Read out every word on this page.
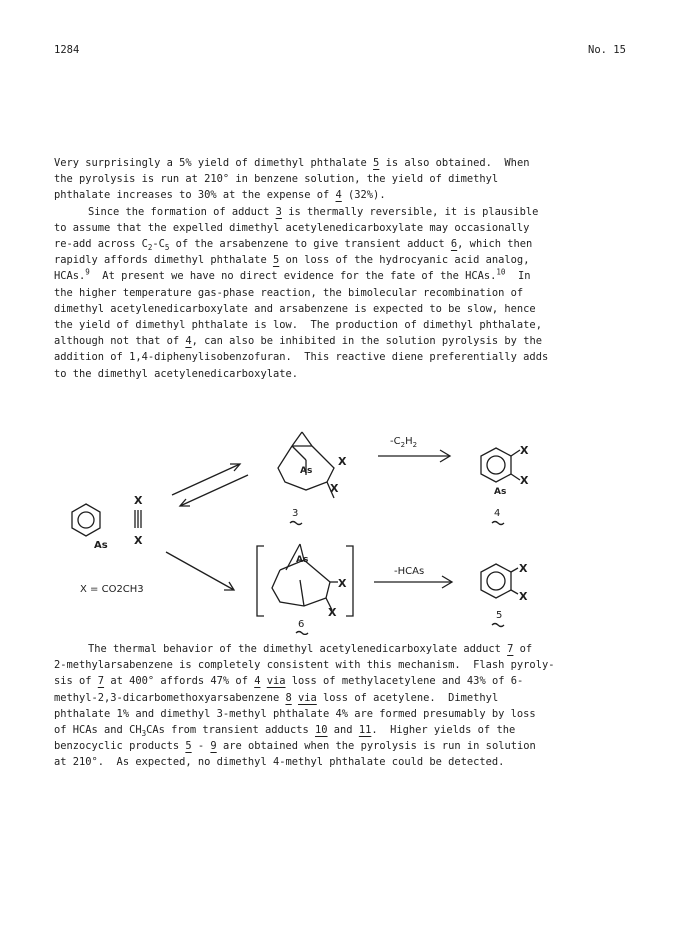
1284	No. 15
Very surprisingly a 5% yield of dimethyl phthalate 5 is also obtained.  When
the pyrolysis is run at 210° in benzene solution, the yield of dimethyl
phthalate increases to 30% at the expense of 4 (32%).
Since the formation of adduct 3 is thermally reversible, it is plausible
to assume that the expelled dimethyl acetylenedicarboxylate may occasionally
re-add across $C_2-C_5$ of the arsabenzene to give transient adduct 6, which then
rapidly affords dimethyl phthalate 5 on loss of the hydrocyanic acid analog,
HCAs.$^9$  At present we have no direct evidence for the fate of the HCAs.$^{10}$  In
the higher temperature gas-phase reaction, the bimolecular recombination of
dimethyl acetylenedicarboxylate and arsabenzene is expected to be slow, hence
the yield of dimethyl phthalate is low.  The production of dimethyl phthalate,
although not that of 4, can also be inhibited in the solution pyrolysis by the
addition of 1,4-diphenylisobenzofuran.  This reactive diene preferentially adds
to the dimethyl acetylenedicarboxylate.
As
X
X
X = CO2CH3
As
X
X
3
$-C_2H_2$	X
X
As
4
As
X
X
6
-HCAs	X
X
5
The thermal behavior of the dimethyl acetylenedicarboxylate adduct 7 of
2-methylarsabenzene is completely consistent with this mechanism.  Flash pyroly-
sis of 7 at 400° affords 47% of 4 via loss of methylacetylene and 43% of 6-
methyl-2,3-dicarbomethoxyarsabenzene 8 via loss of acetylene.  Dimethyl
phthalate 1% and dimethyl 3-methyl phthalate 4% are formed presumably by loss
of HCAs and $CH_3CAs$ from transient adducts 10 and 11.  Higher yields of the
benzocyclic products 5 - 9 are obtained when the pyrolysis is run in solution
at 210°.  As expected, no dimethyl 4-methyl phthalate could be detected.
